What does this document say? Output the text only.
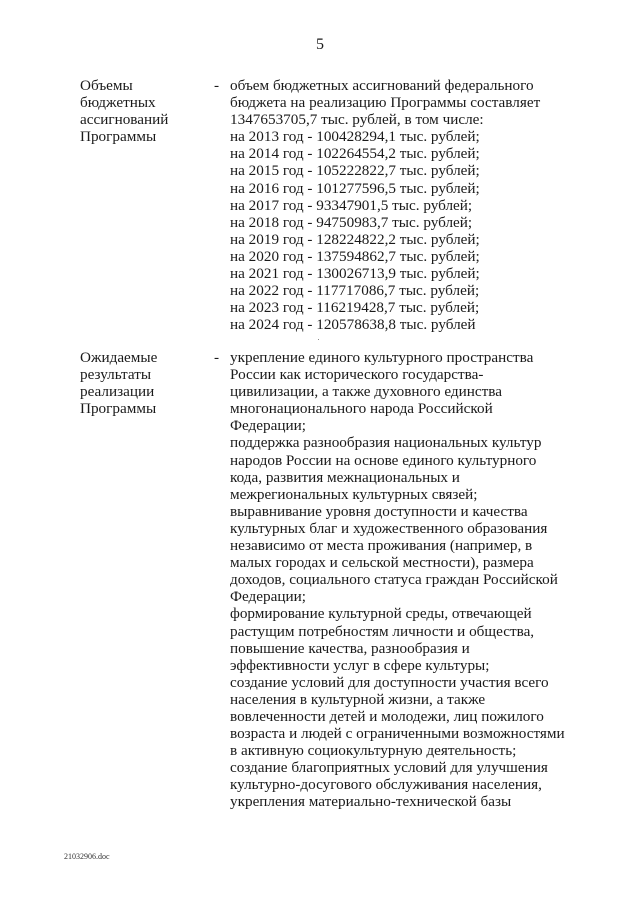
5
Объемы
бюджетных
ассигнований
Программы
- объем бюджетных ассигнований федерального
бюджета на реализацию Программы составляет
1347653705,7 тыс. рублей, в том числе:
на 2013 год - 100428294,1 тыс. рублей;
на 2014 год - 102264554,2 тыс. рублей;
на 2015 год - 105222822,7 тыс. рублей;
на 2016 год - 101277596,5 тыс. рублей;
на 2017 год - 93347901,5 тыс. рублей;
на 2018 год - 94750983,7 тыс. рублей;
на 2019 год - 128224822,2 тыс. рублей;
на 2020 год - 137594862,7 тыс. рублей;
на 2021 год - 130026713,9 тыс. рублей;
на 2022 год - 117717086,7 тыс. рублей;
на 2023 год - 116219428,7 тыс. рублей;
на 2024 год - 120578638,8 тыс. рублей
Ожидаемые
результаты
реализации
Программы
- укрепление единого культурного пространства
России как исторического государства-
цивилизации, а также духовного единства
многонационального народа Российской
Федерации;
поддержка разнообразия национальных культур
народов России на основе единого культурного
кода, развития межнациональных и
межрегиональных культурных связей;
выравнивание уровня доступности и качества
культурных благ и художественного образования
независимо от места проживания (например, в
малых городах и сельской местности), размера
доходов, социального статуса граждан Российской
Федерации;
формирование культурной среды, отвечающей
растущим потребностям личности и общества,
повышение качества, разнообразия и
эффективности услуг в сфере культуры;
создание условий для доступности участия всего
населения в культурной жизни, а также
вовлеченности детей и молодежи, лиц пожилого
возраста и людей с ограниченными возможностями
в активную социокультурную деятельность;
создание благоприятных условий для улучшения
культурно-досугового обслуживания населения,
укрепления материально-технической базы
21032906.doc
